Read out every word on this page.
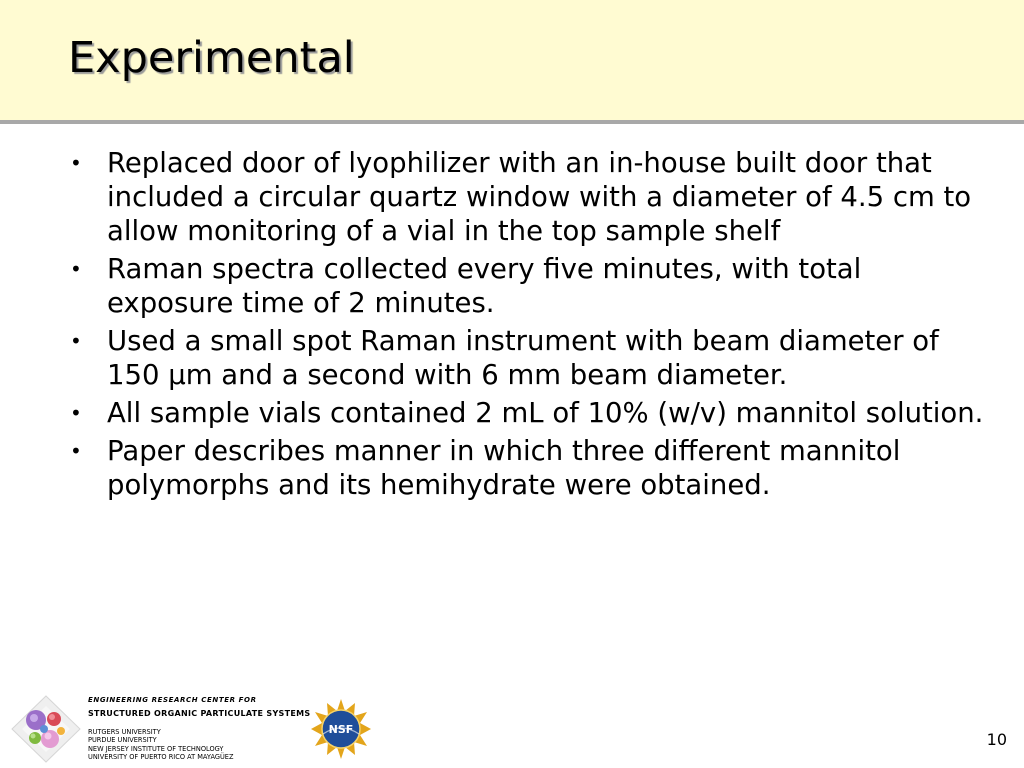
Experimental
• Replaced door of lyophilizer with an in-house built door that included a circular quartz window with a diameter of 4.5 cm to allow monitoring of a vial in the top sample shelf
• Raman spectra collected every five minutes, with total exposure time of 2 minutes.
• Used a small spot Raman instrument with beam diameter of 150 µm and a second with 6 mm beam diameter.
• All sample vials contained 2 mL of 10% (w/v) mannitol solution.
• Paper describes manner in which three different mannitol polymorphs and its hemihydrate were obtained.
ENGINEERING RESEARCH CENTER FOR
STRUCTURED ORGANIC PARTICULATE SYSTEMS
RUTGERS UNIVERSITY
PURDUE UNIVERSITY
NEW JERSEY INSTITUTE OF TECHNOLOGY
UNIVERSITY OF PUERTO RICO AT MAYAGÜEZ
NSF
10
